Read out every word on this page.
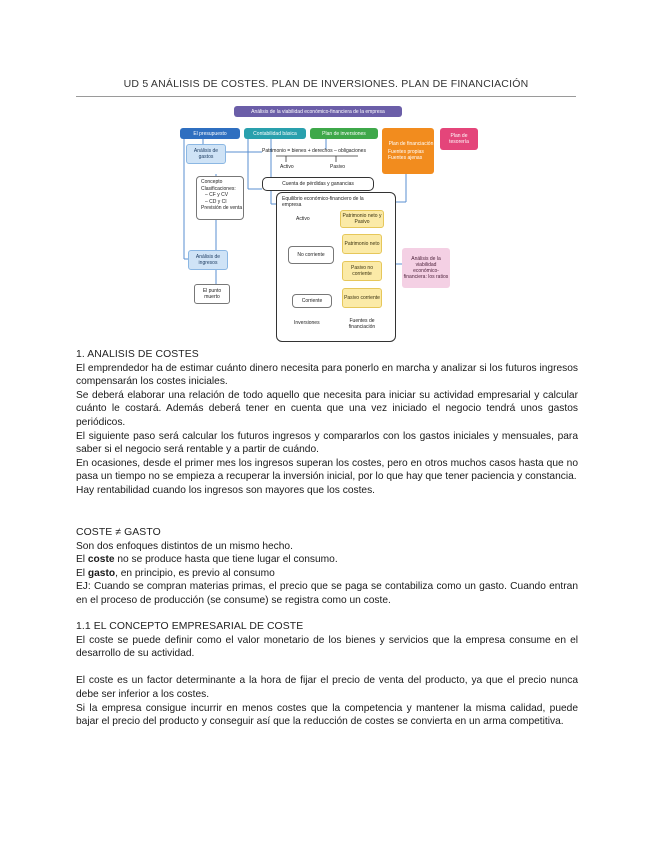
UD 5 ANÁLISIS DE COSTES. PLAN DE INVERSIONES. PLAN DE FINANCIACIÓN
Análisis de la viabilidad económico-financiera de la empresa
El presupuesto	Contabilidad básica	Plan de inversiones
Plan de financiación
Fuentes propias
Fuentes ajenas
Plan de tesorería
Análisis de gastos
Concepto
Clasificaciones:
– CF y CV
– CD y CI
Previsión de venta
Análisis de ingresos
El punto muerto
Patrimonio = bienes + derechos – obligaciones
Activo	Pasivo
Cuenta de pérdidas y ganancias
Equilibrio económico-financiero de la empresa
Activo	Patrimonio neto y Pasivo
No corriente
Corriente
Patrimonio neto
Pasivo no corriente
Pasivo corriente
Inversiones	Fuentes de financiación
Análisis de la viabilidad económico-financiera: los ratios

1. ANALISIS DE COSTES

El emprendedor ha de estimar cuánto dinero necesita para ponerlo en marcha y analizar si los futuros ingresos compensarán los costes iniciales.

Se deberá elaborar una relación de todo aquello que necesita para iniciar su actividad empresarial y calcular cuánto le costará. Además deberá tener en cuenta que una vez iniciado el negocio tendrá unos gastos periódicos.

El siguiente paso será calcular los futuros ingresos y compararlos con los gastos iniciales y mensuales, para saber si el negocio será rentable y a partir de cuándo.

En ocasiones, desde el primer mes los ingresos superan los costes, pero en otros muchos casos hasta que no pasa un tiempo no se empieza a recuperar la inversión inicial, por lo que hay que tener paciencia y constancia.

Hay rentabilidad cuando los ingresos son mayores que los costes.

COSTE ≠ GASTO

Son dos enfoques distintos de un mismo hecho.

El coste no se produce hasta que tiene lugar el consumo.

El gasto, en principio, es previo al consumo

EJ: Cuando se compran materias primas, el precio que se paga se contabiliza como un gasto. Cuando entran en el proceso de producción (se consume) se registra como un coste.

1.1 EL CONCEPTO EMPRESARIAL DE COSTE

El coste se puede definir como el valor monetario de los bienes y servicios que la empresa consume en el desarrollo de su actividad.

El coste es un factor determinante a la hora de fijar el precio de venta del producto, ya que el precio nunca debe ser inferior a los costes.

Si la empresa consigue incurrir en menos costes que la competencia y mantener la misma calidad, puede bajar el precio del producto y conseguir así que la reducción de costes se convierta en un arma competitiva.
